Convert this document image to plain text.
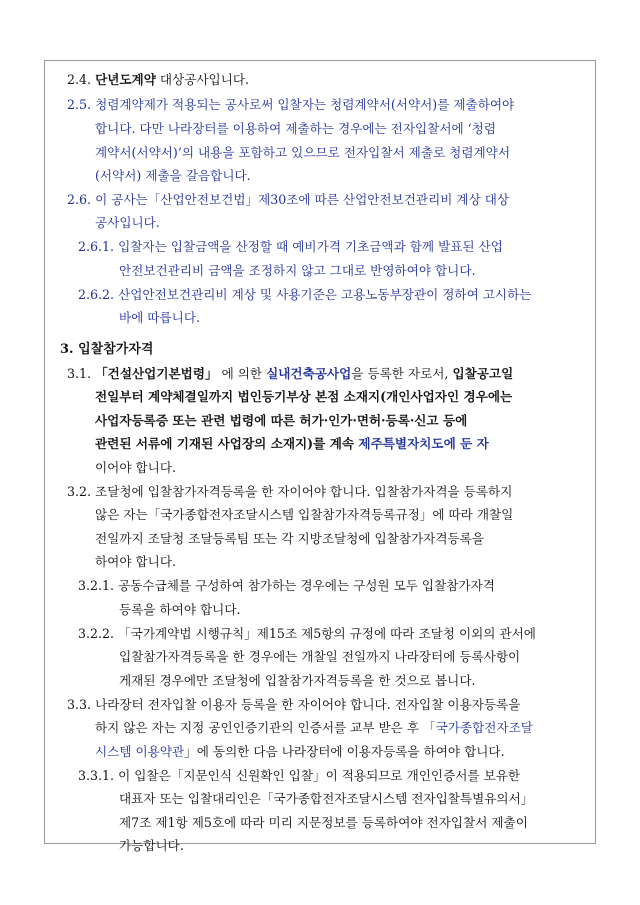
2.4. 단년도계약 대상공사입니다.
2.5. 청렴계약제가 적용되는 공사로써 입찰자는 청렴계약서(서약서)를 제출하여야
합니다. 다만 나라장터를 이용하여 제출하는 경우에는 전자입찰서에 ‘청렴
계약서(서약서)’의 내용을 포함하고 있으므로 전자입찰서 제출로 청렴계약서
(서약서) 제출을 갈음합니다.
2.6. 이 공사는「산업안전보건법」제30조에 따른 산업안전보건관리비 계상 대상
공사입니다.
2.6.1. 입찰자는 입찰금액을 산정할 때 예비가격 기초금액과 함께 발표된 산업
안전보건관리비 금액을 조정하지 않고 그대로 반영하여야 합니다.
2.6.2. 산업안전보건관리비 계상 및 사용기준은 고용노동부장관이 정하여 고시하는
바에 따릅니다.
3. 입찰참가자격
3.1. 「건설산업기본법령」 에 의한 실내건축공사업을 등록한 자로서, 입찰공고일
전일부터 계약체결일까지 법인등기부상 본점 소재지(개인사업자인 경우에는
사업자등록증 또는 관련 법령에 따른 허가·인가·면허·등록·신고 등에
관련된 서류에 기재된 사업장의 소재지)를 계속 제주특별자치도에 둔 자
이어야 합니다.
3.2. 조달청에 입찰참가자격등록을 한 자이어야 합니다. 입찰참가자격을 등록하지
않은 자는「국가종합전자조달시스템 입찰참가자격등록규정」에 따라 개찰일
전일까지 조달청 조달등록팀 또는 각 지방조달청에 입찰참가자격등록을
하여야 합니다.
3.2.1. 공동수급체를 구성하여 참가하는 경우에는 구성원 모두 입찰참가자격
등록을 하여야 합니다.
3.2.2. 「국가계약법 시행규칙」제15조 제5항의 규정에 따라 조달청 이외의 관서에
입찰참가자격등록을 한 경우에는 개찰일 전일까지 나라장터에 등록사항이
게재된 경우에만 조달청에 입찰참가자격등록을 한 것으로 봅니다.
3.3. 나라장터 전자입찰 이용자 등록을 한 자이어야 합니다. 전자입찰 이용자등록을
하지 않은 자는 지정 공인인증기관의 인증서를 교부 받은 후 「국가종합전자조달
시스템 이용약관」에 동의한 다음 나라장터에 이용자등록을 하여야 합니다.
3.3.1. 이 입찰은「지문인식 신원확인 입찰」이 적용되므로 개인인증서를 보유한
대표자 또는 입찰대리인은「국가종합전자조달시스템 전자입찰특별유의서」
제7조 제1항 제5호에 따라 미리 지문정보를 등록하여야 전자입찰서 제출이
가능합니다.
